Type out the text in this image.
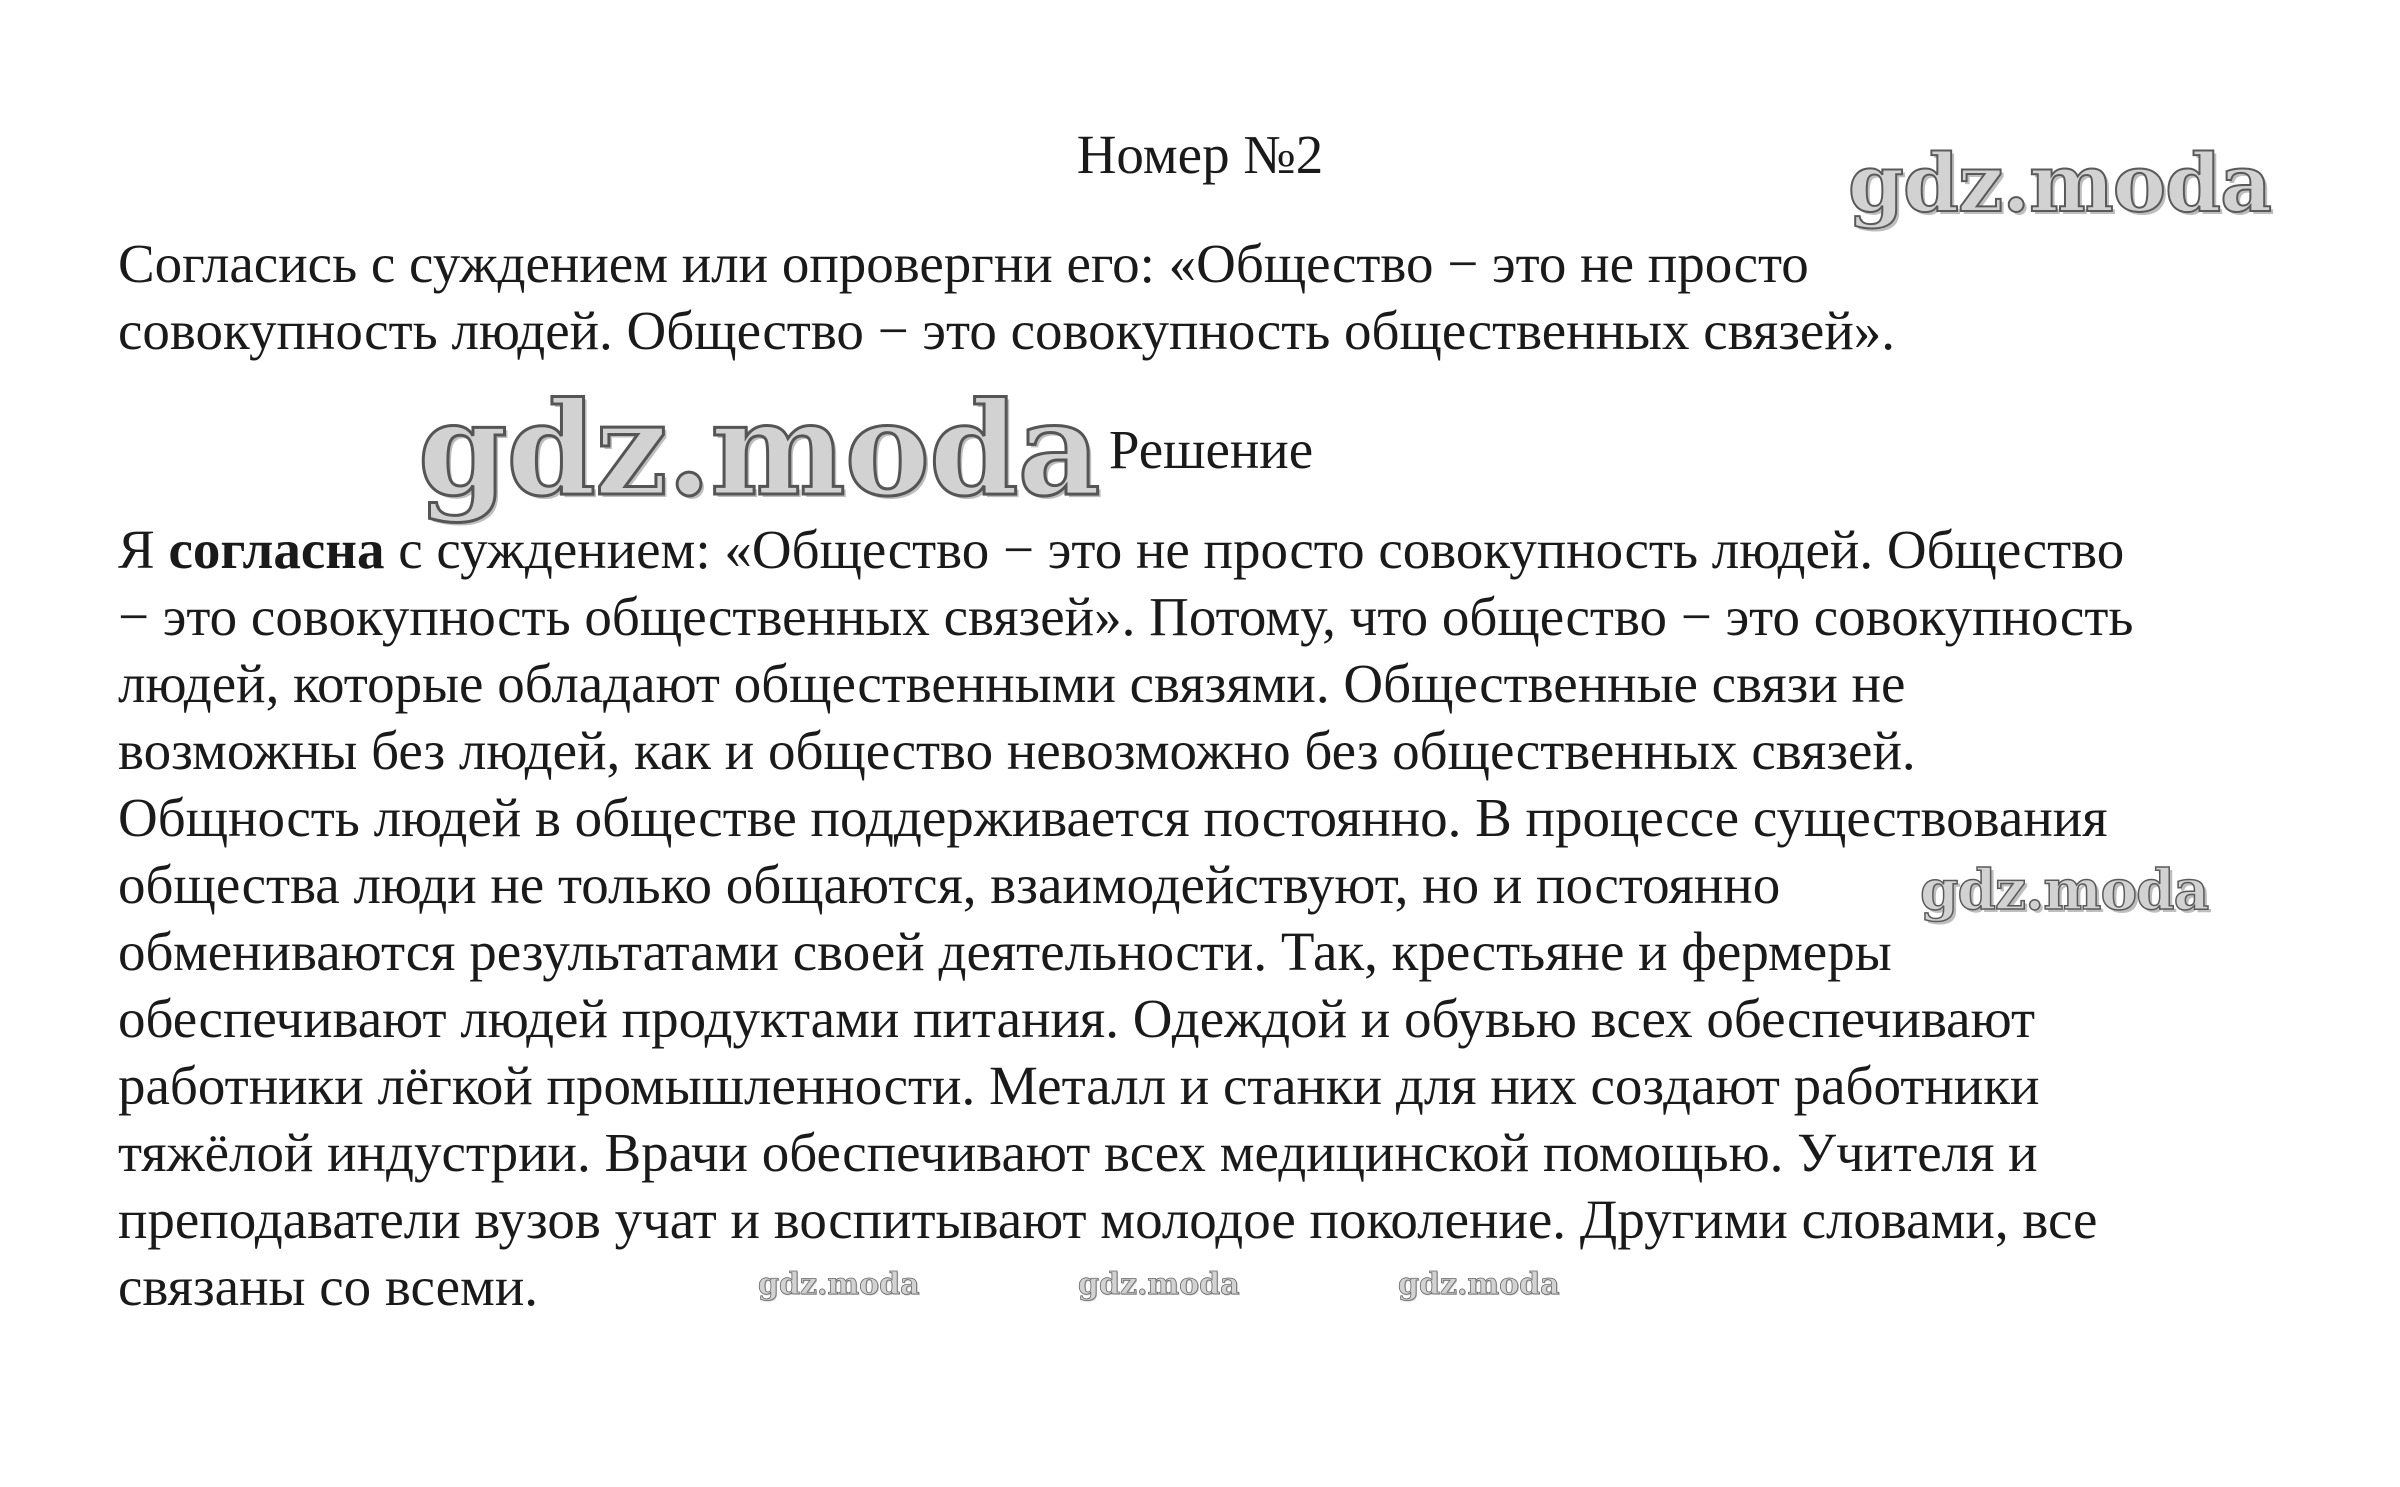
Номер №2	gdz.moda

Согласись с суждением или опровергни его: «Общество − это не просто
совокупность людей. Общество − это совокупность общественных связей».

gdz.moda Решение

Я согласна с суждением: «Общество − это не просто совокупность людей. Общество
− это совокупность общественных связей». Потому, что общество − это совокупность
людей, которые обладают общественными связями. Общественные связи не
возможны без людей, как и общество невозможно без общественных связей.
Общность людей в обществе поддерживается постоянно. В процессе существования
общества люди не только общаются, взаимодействуют, но и постоянно
обмениваются результатами своей деятельности. Так, крестьяне и фермеры
обеспечивают людей продуктами питания. Одеждой и обувью всех обеспечивают
работники лёгкой промышленности. Металл и станки для них создают работники
тяжёлой индустрии. Врачи обеспечивают всех медицинской помощью. Учителя и
преподаватели вузов учат и воспитывают молодое поколение. Другими словами, все
связаны со всеми.

gdz.moda
gdz.moda	gdz.moda	gdz.moda
